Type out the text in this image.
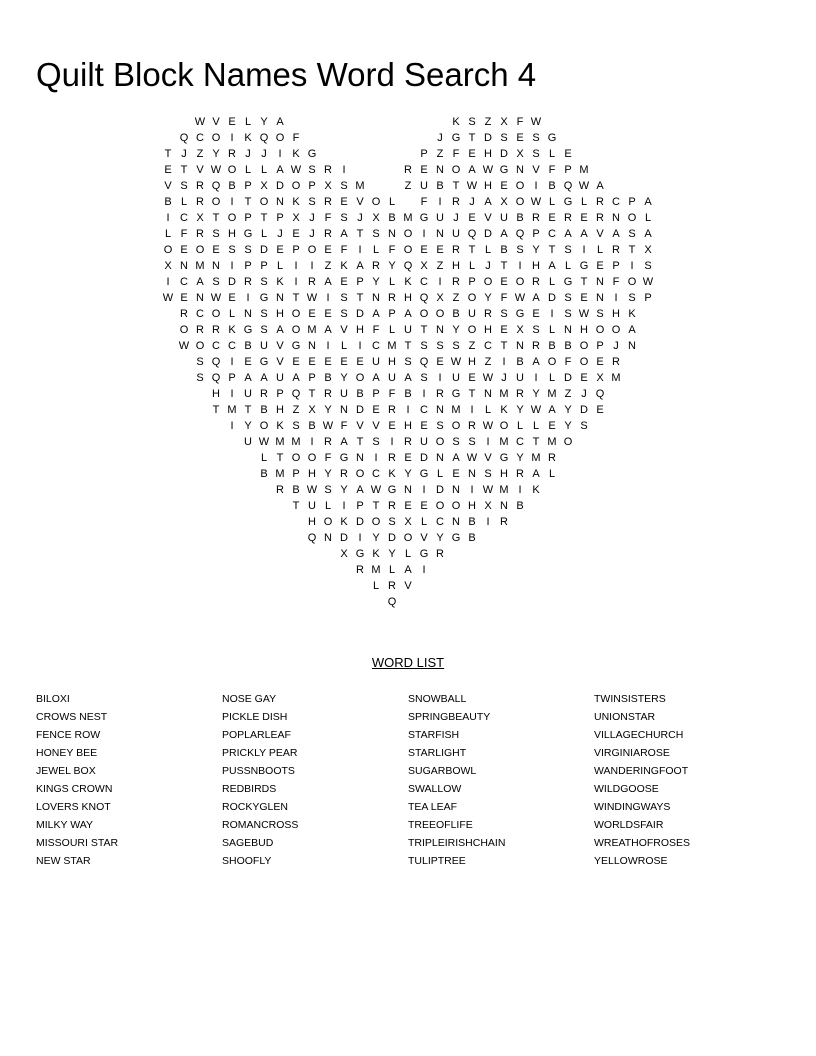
Quilt Block Names Word Search 4
W V E L Y A	K S Z X F W
Q C O I K Q O F	J G T D S E S G
T J Z Y R J J	I K G	P Z F E H D X S L E
E T V W O L L A W S R I	R E N O A W G N V F P M
V S R Q B P X D O P X S M	Z U B T W H E O I B Q W A
B L R O I	T O N K S R E V O L	F	I R J A X O W L G L R C P A
I C X T O P T P X J F S J X B M G U J E V U B R E R E R N O L
L F R S H G L J E J R A T S N O I N U Q D A Q P C A A V A S A
O E O E S S D E P O E F	I	L F O E E R T L B S Y T S I	L R T X
X N M N I P P L	I	I	Z K A R Y Q X Z H L J T	I H A L G E P I S
I C A S D R S K I R A E P Y L K C I R P O E O R L G T N F O W
W E N W E I G N T W I S T N R H Q X Z O Y F W A D S E N I S P
R C O L N S H O E E S D A P A O O B U R S G E I S W S H K
O R R K G S A O M A V H F L U T N Y O H E X S L N H O O A
W O C C B U V G N I	L	I C M T S S S Z C T N R B B O P J N
S Q I E G V E E E E E U H S Q E W H Z	I B A O F O E R
S Q P A A U A P B Y O A U A S I U E W J U I	L D E X M
H I U R P Q T R U B P F B I R G T N M R Y M Z J Q
T M T B H Z X Y N D E R I C N M I	L K Y W A Y D E
I Y O K S B W F V V E H E S O R W O L L E Y S
U W M M I R A T S I R U O S S I M C T M O
L T O O F G N I R E D N A W V G Y M R
B M P H Y R O C K Y G L E N S H R A L
R B W S Y A W G N I D N I W M I K
T U L	I P T R E E O O H X N B
H O K D O S X L C N B I R
Q N D I Y D O V Y G B
X G K Y L G R
R M L A I
L R V
Q
WORD LIST
BILOXI
CROWS NEST
FENCE ROW
HONEY BEE
JEWEL BOX
KINGS CROWN
LOVERS KNOT
MILKY WAY
MISSOURI STAR
NEW STAR
NOSE GAY
PICKLE DISH
POPLARLEAF
PRICKLY PEAR
PUSSNBOOTS
REDBIRDS
ROCKYGLEN
ROMANCROSS
SAGEBUD
SHOOFLY
SNOWBALL
SPRINGBEAUTY
STARFISH
STARLIGHT
SUGARBOWL
SWALLOW
TEA LEAF
TREEOFLIFE
TRIPLEIRISHCHAIN
TULIPTREE
TWINSISTERS
UNIONSTAR
VILLAGECHURCH
VIRGINIAROSE
WANDERINGFOOT
WILDGOOSE
WINDINGWAYS
WORLDSFAIR
WREATHOFROSES
YELLOWROSE
